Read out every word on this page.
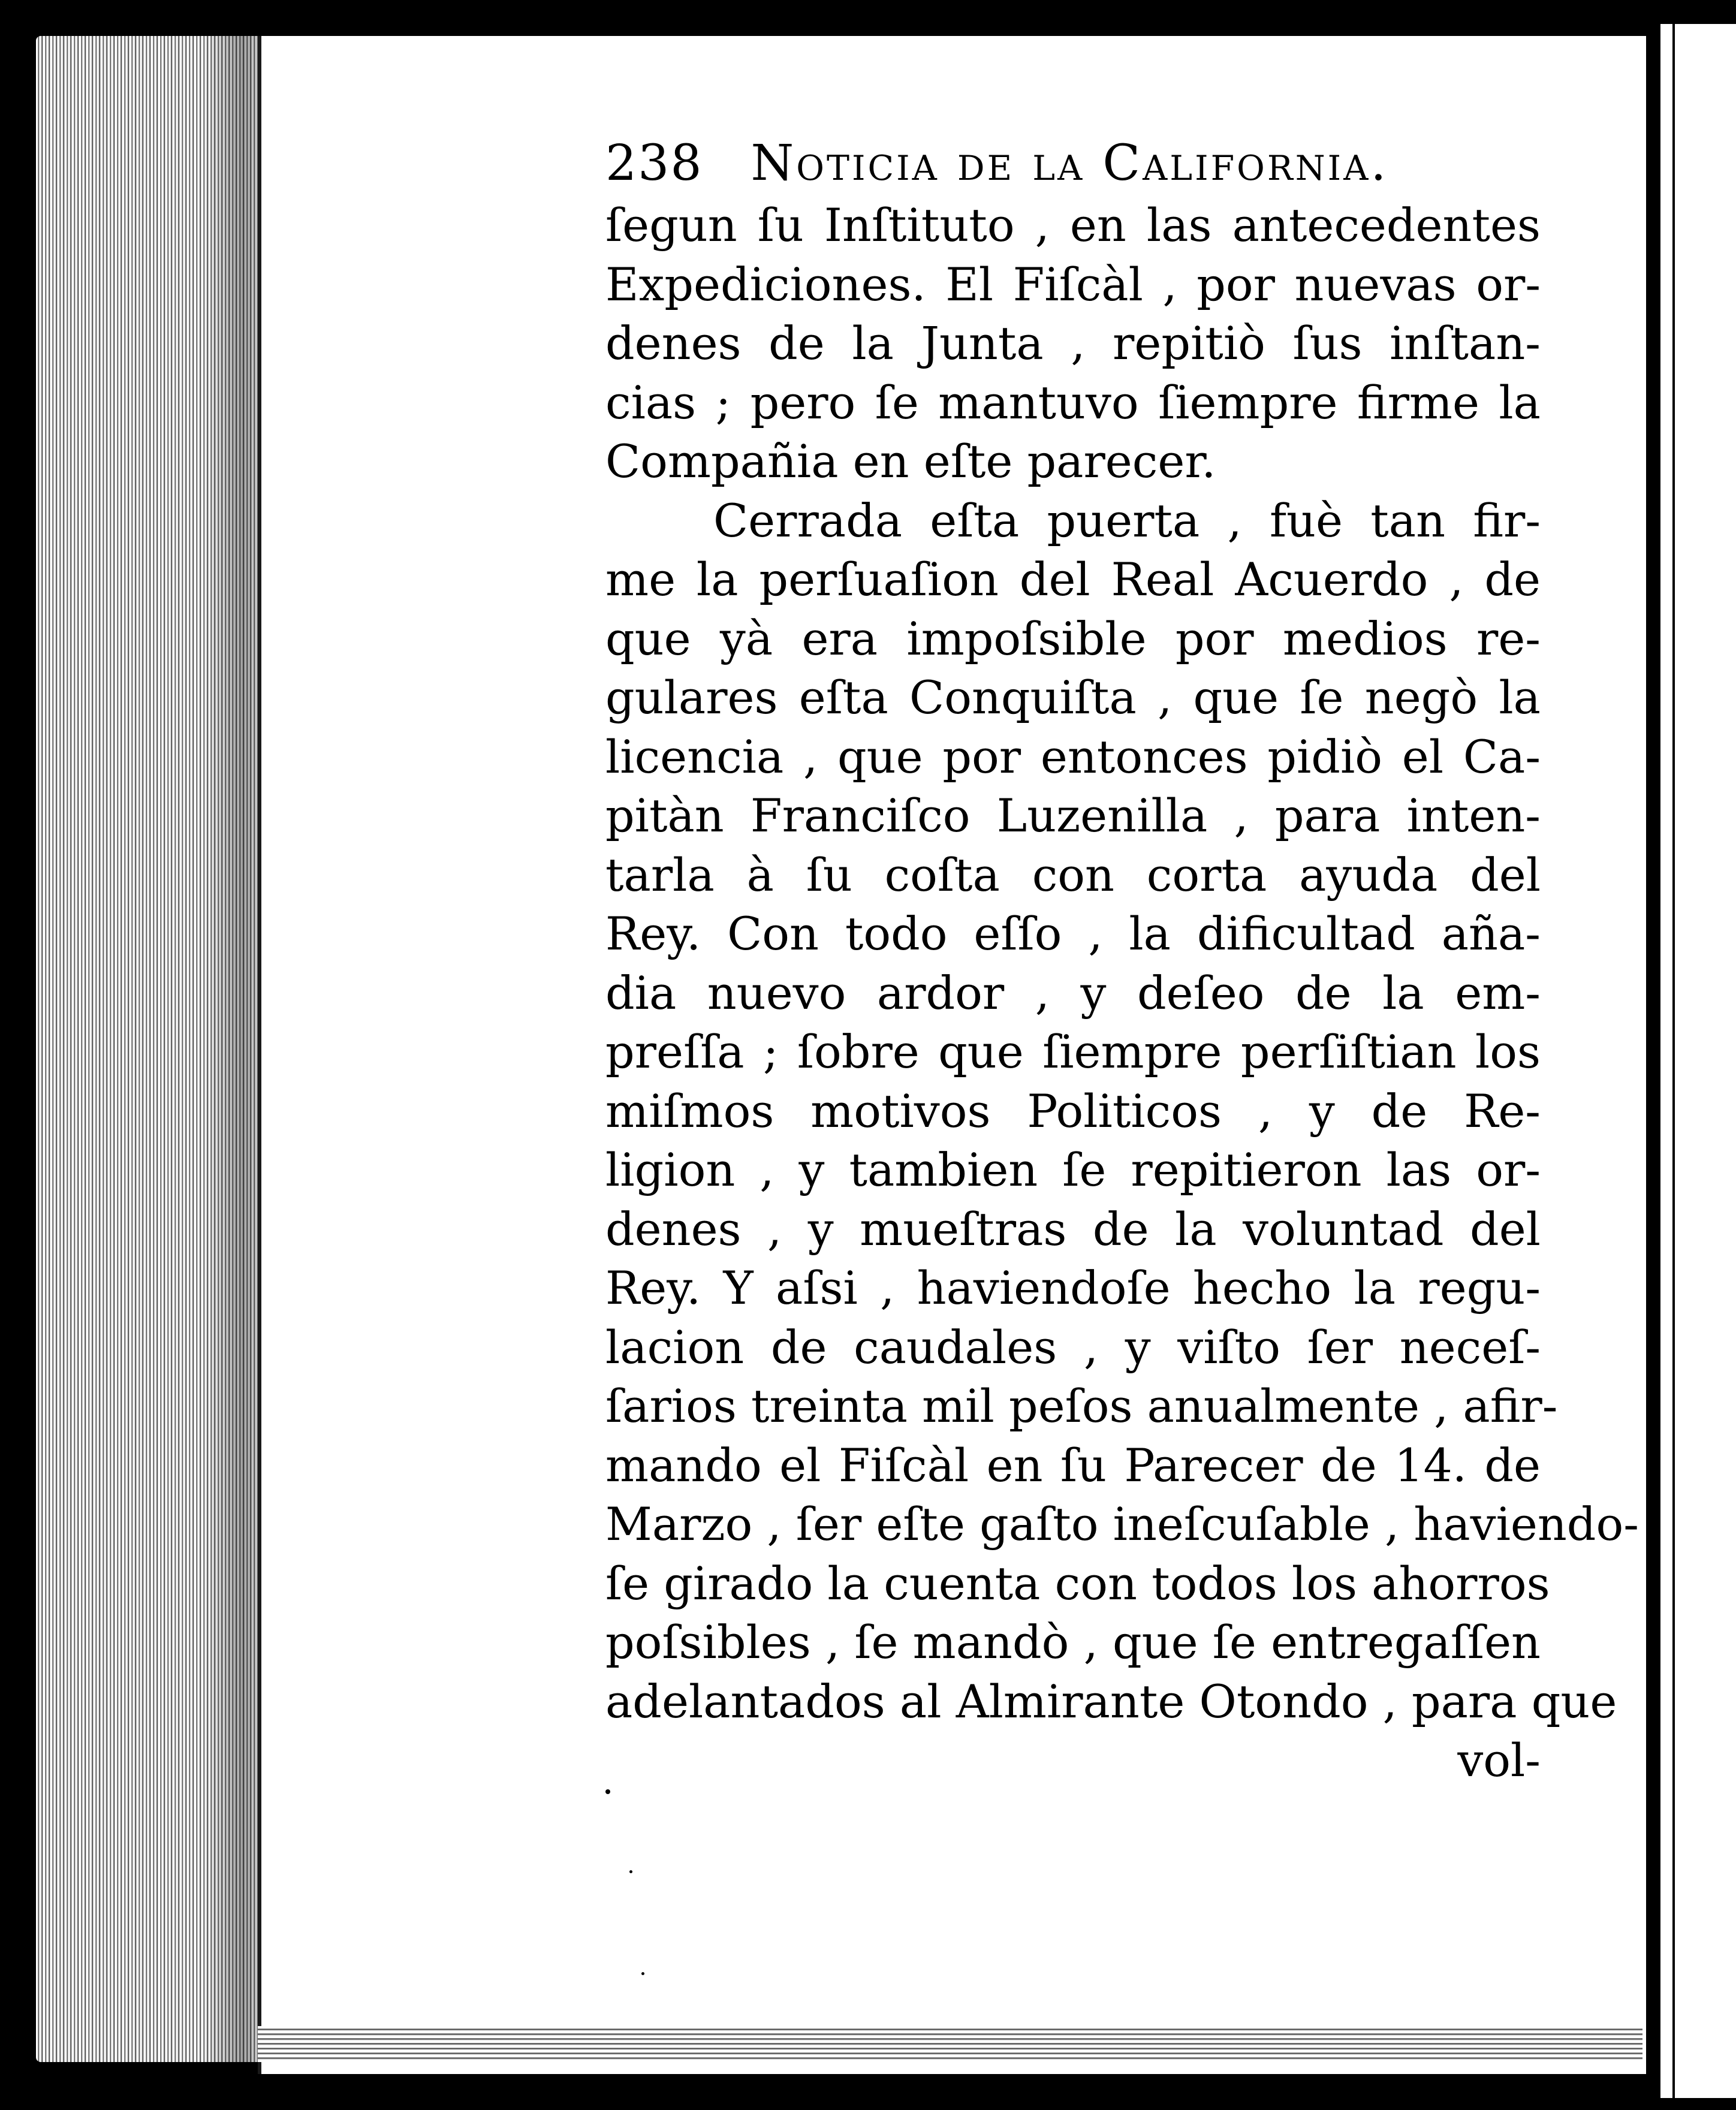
238 Noticia de la California.
ſegun ſu Inſtituto , en las antecedentes
Expediciones. El Fiſcàl , por nuevas or-
denes de la Junta , repitiò ſus inſtan-
cias ; pero ſe mantuvo ſiempre firme la
Compañia en eſte parecer.
Cerrada eſta puerta , fuè tan fir-
me la perſuaſion del Real Acuerdo , de
que yà era impoſsible por medios re-
gulares eſta Conquiſta , que ſe negò la
licencia , que por entonces pidiò el Ca-
pitàn Franciſco Luzenilla , para inten-
tarla à ſu coſta con corta ayuda del
Rey. Con todo eſſo , la dificultad aña-
dia nuevo ardor , y deſeo de la em-
preſſa ; ſobre que ſiempre perſiſtian los
miſmos motivos Politicos , y de Re-
ligion , y tambien ſe repitieron las or-
denes , y mueſtras de la voluntad del
Rey. Y aſsi , haviendoſe hecho la regu-
lacion de caudales , y viſto ſer neceſ-
ſarios treinta mil peſos anualmente , afir-
mando el Fiſcàl en ſu Parecer de 14. de
Marzo , ſer eſte gaſto ineſcuſable , haviendo-
ſe girado la cuenta con todos los ahorros
poſsibles , ſe mandò , que ſe entregaſſen
adelantados al Almirante Otondo , para que
vol-
